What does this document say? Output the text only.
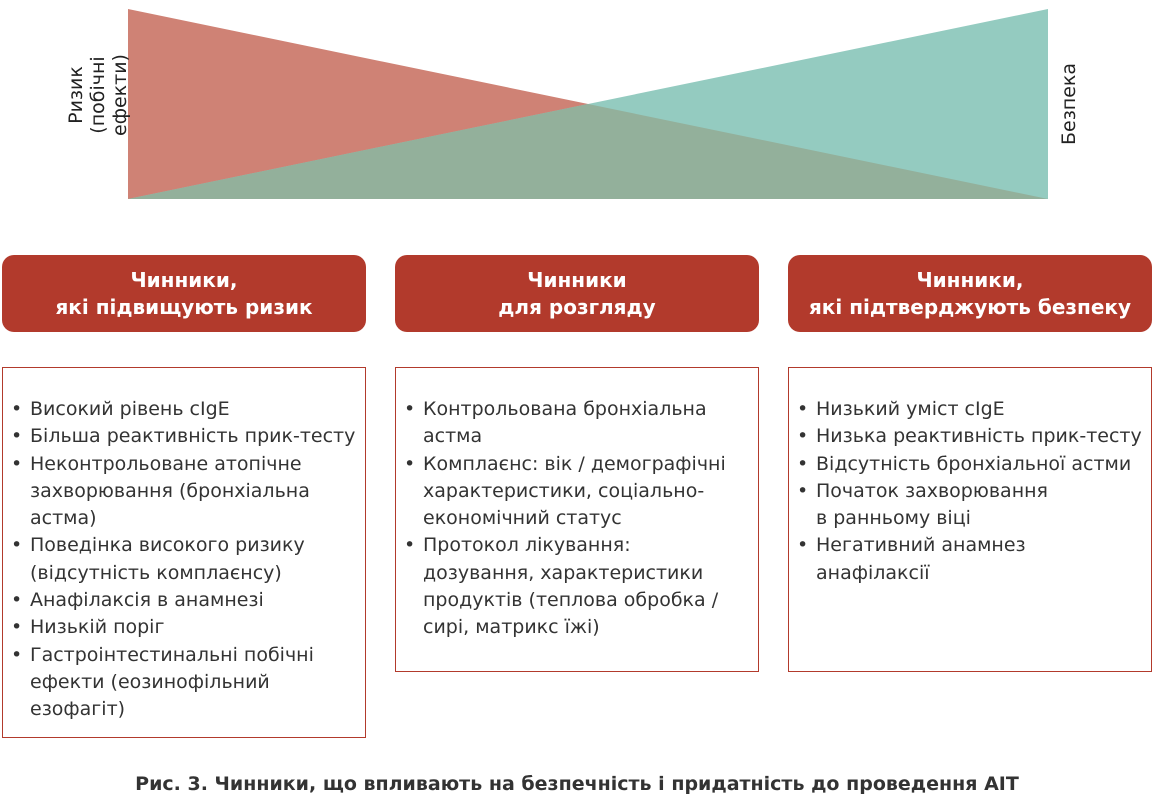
Ризик (побічні
ефекти)	Безпека
Чинники,
які підвищують ризик
Чинники
для розгляду
Чинники,
які підтверджують безпеку
• Високий рівень cIgE
• Більша реактивність прик-тесту
• Неконтрольоване атопічне
захворювання (бронхіальна
астма)
• Поведінка високого ризику
(відсутність комплаєнсу)
• Анафілаксія в анамнезі
• Низькій поріг
• Гастроінтестинальні побічні
ефекти (еозинофільний
езофагіт)
• Контрольована бронхіальна
астма
• Комплаєнс: вік / демографічні
характеристики, соціально-
економічний статус
• Протокол лікування:
дозування, характеристики
продуктів (теплова обробка /
сирі, матрикс їжі)
• Низький уміст cIgE
• Низька реактивність прик-тесту
• Відсутність бронхіальної астми
• Початок захворювання
в ранньому віці
• Негативний анамнез
анафілаксії
Рис. 3. Чинники, що впливають на безпечність і придатність до проведення AIT
